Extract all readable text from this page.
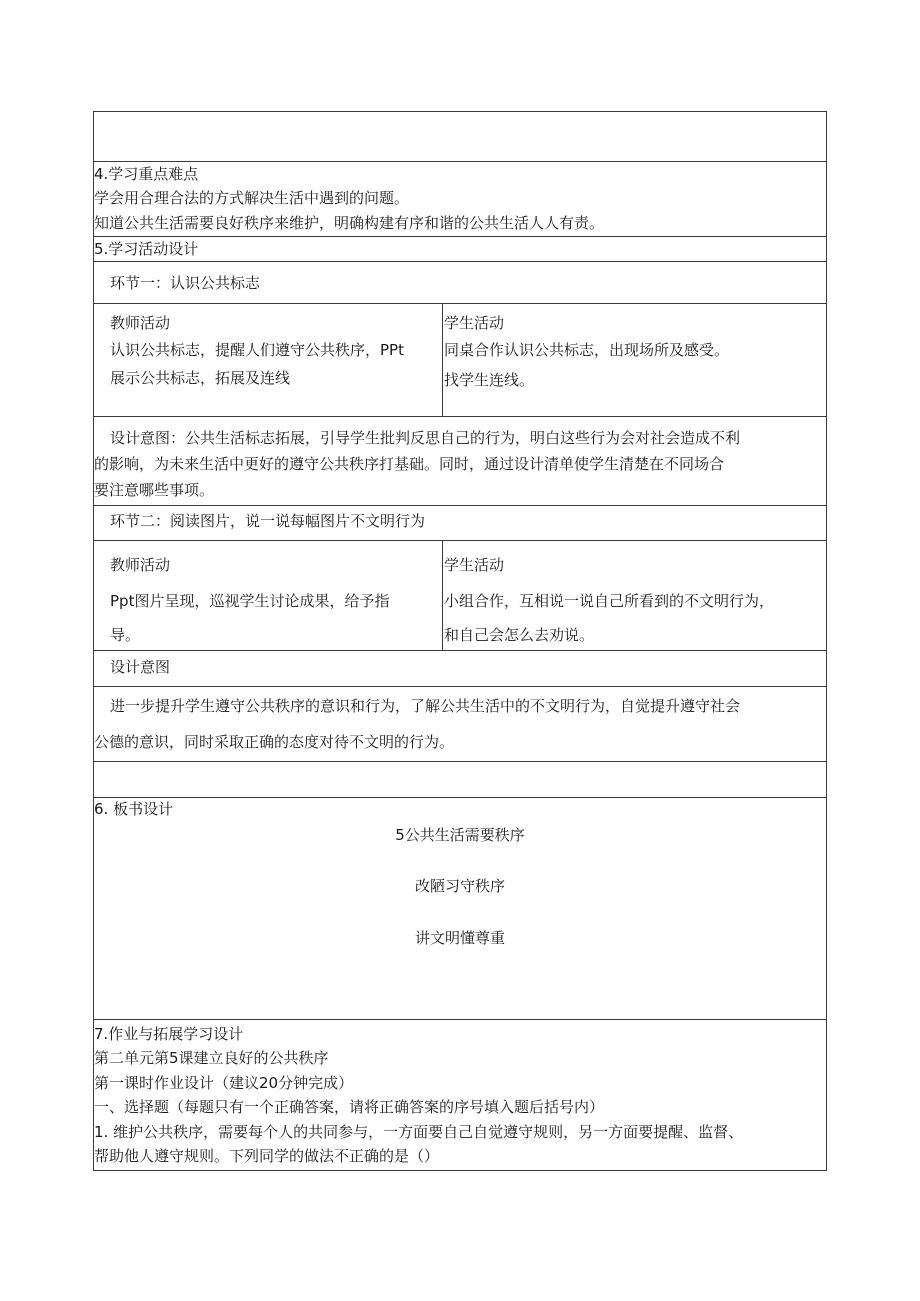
4.学习重点难点
学会用合理合法的方式解决生活中遇到的问题。
知道公共生活需要良好秩序来维护，明确构建有序和谐的公共生活人人有责。
5.学习活动设计
环节一：认识公共标志
教师活动
认识公共标志，提醒人们遵守公共秩序，PPt
展示公共标志，拓展及连线
学生活动
同桌合作认识公共标志，出现场所及感受。
找学生连线。
设计意图：公共生活标志拓展，引导学生批判反思自己的行为，明白这些行为会对社会造成不利
的影响，为未来生活中更好的遵守公共秩序打基础。同时，通过设计清单使学生清楚在不同场合
要注意哪些事项。
环节二：阅读图片，说一说每幅图片不文明行为
教师活动
Ppt图片呈现，巡视学生讨论成果，给予指
导。
学生活动
小组合作，互相说一说自己所看到的不文明行为，
和自己会怎么去劝说。
设计意图
进一步提升学生遵守公共秩序的意识和行为，了解公共生活中的不文明行为，自觉提升遵守社会
公德的意识，同时采取正确的态度对待不文明的行为。
6. 板书设计
5公共生活需要秩序
改陋习守秩序
讲文明懂尊重
7.作业与拓展学习设计
第二单元第5课建立良好的公共秩序
第一课时作业设计（建议20分钟完成）
一、选择题（每题只有一个正确答案，请将正确答案的序号填入题后括号内）
1. 维护公共秩序，需要每个人的共同参与，一方面要自己自觉遵守规则，另一方面要提醒、监督、
帮助他人遵守规则。下列同学的做法不正确的是（）
